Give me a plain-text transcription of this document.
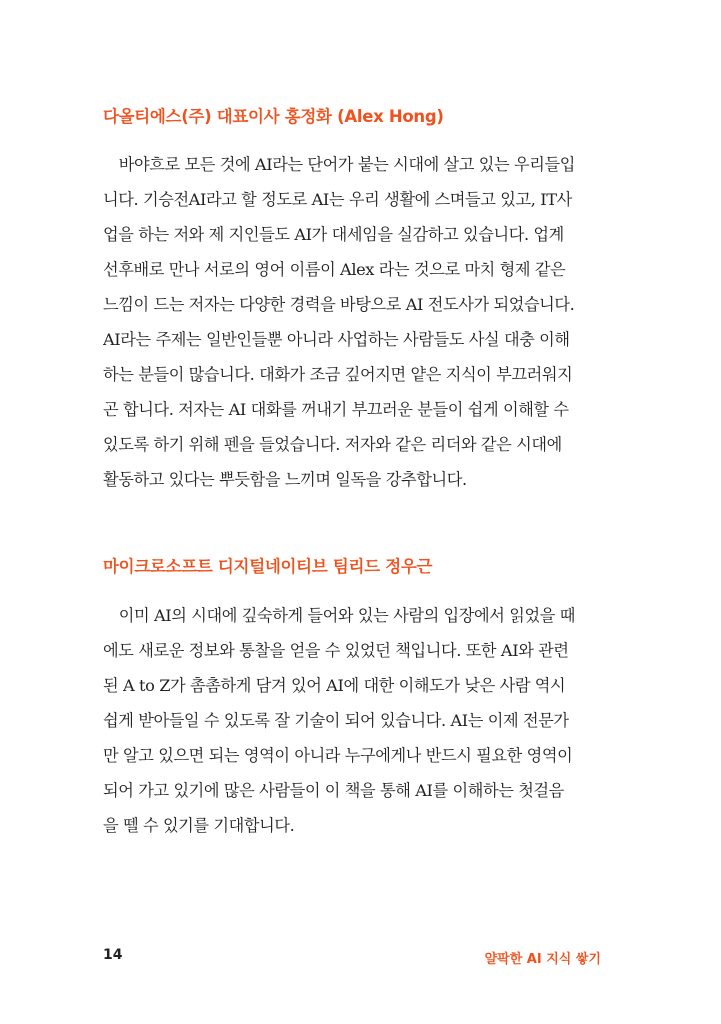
다올티에스(주) 대표이사 홍정화 (Alex Hong)
　바야흐로 모든 것에 AI라는 단어가 붙는 시대에 살고 있는 우리들입
니다. 기승전AI라고 할 정도로 AI는 우리 생활에 스며들고 있고, IT사
업을 하는 저와 제 지인들도 AI가 대세임을 실감하고 있습니다. 업계
선후배로 만나 서로의 영어 이름이 Alex 라는 것으로 마치 형제 같은
느낌이 드는 저자는 다양한 경력을 바탕으로 AI 전도사가 되었습니다.
AI라는 주제는 일반인들뿐 아니라 사업하는 사람들도 사실 대충 이해
하는 분들이 많습니다. 대화가 조금 깊어지면 얕은 지식이 부끄러워지
곤 합니다. 저자는 AI 대화를 꺼내기 부끄러운 분들이 쉽게 이해할 수
있도록 하기 위해 펜을 들었습니다. 저자와 같은 리더와 같은 시대에
활동하고 있다는 뿌듯함을 느끼며 일독을 강추합니다.
마이크로소프트 디지털네이티브 팀리드 정우근
　이미 AI의 시대에 깊숙하게 들어와 있는 사람의 입장에서 읽었을 때
에도 새로운 정보와 통찰을 얻을 수 있었던 책입니다. 또한 AI와 관련
된 A to Z가 촘촘하게 담겨 있어 AI에 대한 이해도가 낮은 사람 역시
쉽게 받아들일 수 있도록 잘 기술이 되어 있습니다. AI는 이제 전문가
만 알고 있으면 되는 영역이 아니라 누구에게나 반드시 필요한 영역이
되어 가고 있기에 많은 사람들이 이 책을 통해 AI를 이해하는 첫걸음
을 뗄 수 있기를 기대합니다.
14	얄팍한 AI 지식 쌓기
